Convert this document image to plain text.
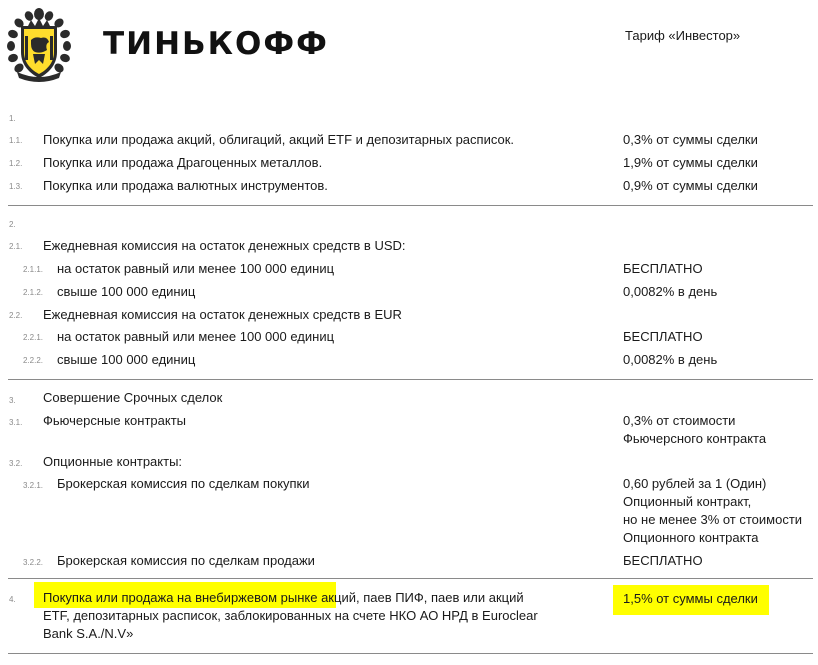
ТИНЬКОФФ	Тариф «Инвестор»
1.
1.1. Покупка или продажа акций, облигаций, акций ETF и депозитарных расписок.	0,3% от суммы сделки
1.2. Покупка или продажа Драгоценных металлов.	1,9% от суммы сделки
1.3. Покупка или продажа валютных инструментов.	0,9% от суммы сделки
2.
2.1. Ежедневная комиссия на остаток денежных средств в USD:
2.1.1. на остаток равный или менее 100 000 единиц	БЕСПЛАТНО
2.1.2. свыше 100 000 единиц	0,0082% в день
2.2. Ежедневная комиссия на остаток денежных средств в EUR
2.2.1. на остаток равный или менее 100 000 единиц	БЕСПЛАТНО
2.2.2. свыше 100 000 единиц	0,0082% в день
3. Совершение Срочных сделок
3.1. Фьючерсные контракты	0,3% от стоимости
Фьючерсного контракта
3.2. Опционные контракты:
3.2.1. Брокерская комиссия по сделкам покупки	0,60 рублей за 1 (Один)
Опционный контракт,
но не менее 3% от стоимости
Опционного контракта
3.2.2. Брокерская комиссия по сделкам продажи	БЕСПЛАТНО
4. Покупка или продажа на внебиржевом рынке акций, паев ПИФ, паев или акций
ETF, депозитарных расписок, заблокированных на счете НКО АО НРД в Euroclear
Bank S.A./N.V»
1,5% от суммы сделки
